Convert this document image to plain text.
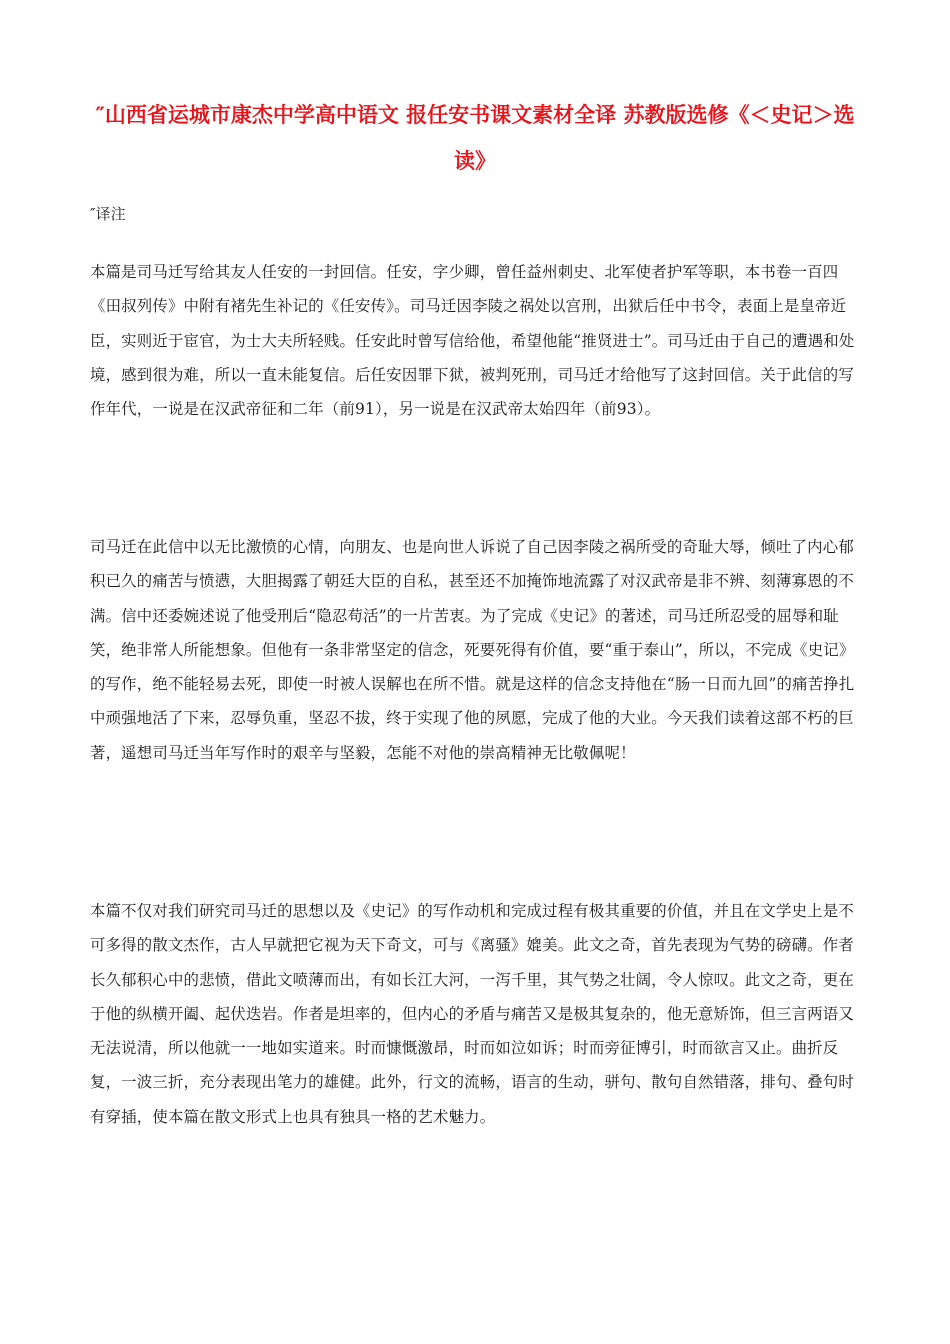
″山西省运城市康杰中学高中语文 报任安书课文素材全译 苏教版选修《＜史记＞选读》

″译注

本篇是司马迁写给其友人任安的一封回信。任安，字少卿，曾任益州刺史、北军使者护军等职，本书卷一百四《田叔列传》中附有褚先生补记的《任安传》。司马迁因李陵之祸处以宫刑，出狱后任中书令，表面上是皇帝近臣，实则近于宦官，为士大夫所轻贱。任安此时曾写信给他，希望他能“推贤进士”。司马迁由于自己的遭遇和处境，感到很为难，所以一直未能复信。后任安因罪下狱，被判死刑，司马迁才给他写了这封回信。关于此信的写作年代，一说是在汉武帝征和二年（前91），另一说是在汉武帝太始四年（前93）。

司马迁在此信中以无比激愤的心情，向朋友、也是向世人诉说了自己因李陵之祸所受的奇耻大辱，倾吐了内心郁积已久的痛苦与愤懑，大胆揭露了朝廷大臣的自私，甚至还不加掩饰地流露了对汉武帝是非不辨、刻薄寡恩的不满。信中还委婉述说了他受刑后“隐忍苟活”的一片苦衷。为了完成《史记》的著述，司马迁所忍受的屈辱和耻笑，绝非常人所能想象。但他有一条非常坚定的信念，死要死得有价值，要“重于泰山”，所以，不完成《史记》的写作，绝不能轻易去死，即使一时被人误解也在所不惜。就是这样的信念支持他在“肠一日而九回”的痛苦挣扎中顽强地活了下来，忍辱负重，坚忍不拔，终于实现了他的夙愿，完成了他的大业。今天我们读着这部不朽的巨著，遥想司马迁当年写作时的艰辛与坚毅，怎能不对他的崇高精神无比敬佩呢！

本篇不仅对我们研究司马迁的思想以及《史记》的写作动机和完成过程有极其重要的价值，并且在文学史上是不可多得的散文杰作，古人早就把它视为天下奇文，可与《离骚》媲美。此文之奇，首先表现为气势的磅礴。作者长久郁积心中的悲愤，借此文喷薄而出，有如长江大河，一泻千里，其气势之壮阔，令人惊叹。此文之奇，更在于他的纵横开阖、起伏迭岩。作者是坦率的，但内心的矛盾与痛苦又是极其复杂的，他无意矫饰，但三言两语又无法说清，所以他就一一地如实道来。时而慷慨激昂，时而如泣如诉；时而旁征博引，时而欲言又止。曲折反复，一波三折，充分表现出笔力的雄健。此外，行文的流畅，语言的生动，骈句、散句自然错落，排句、叠句时有穿插，使本篇在散文形式上也具有独具一格的艺术魅力。
